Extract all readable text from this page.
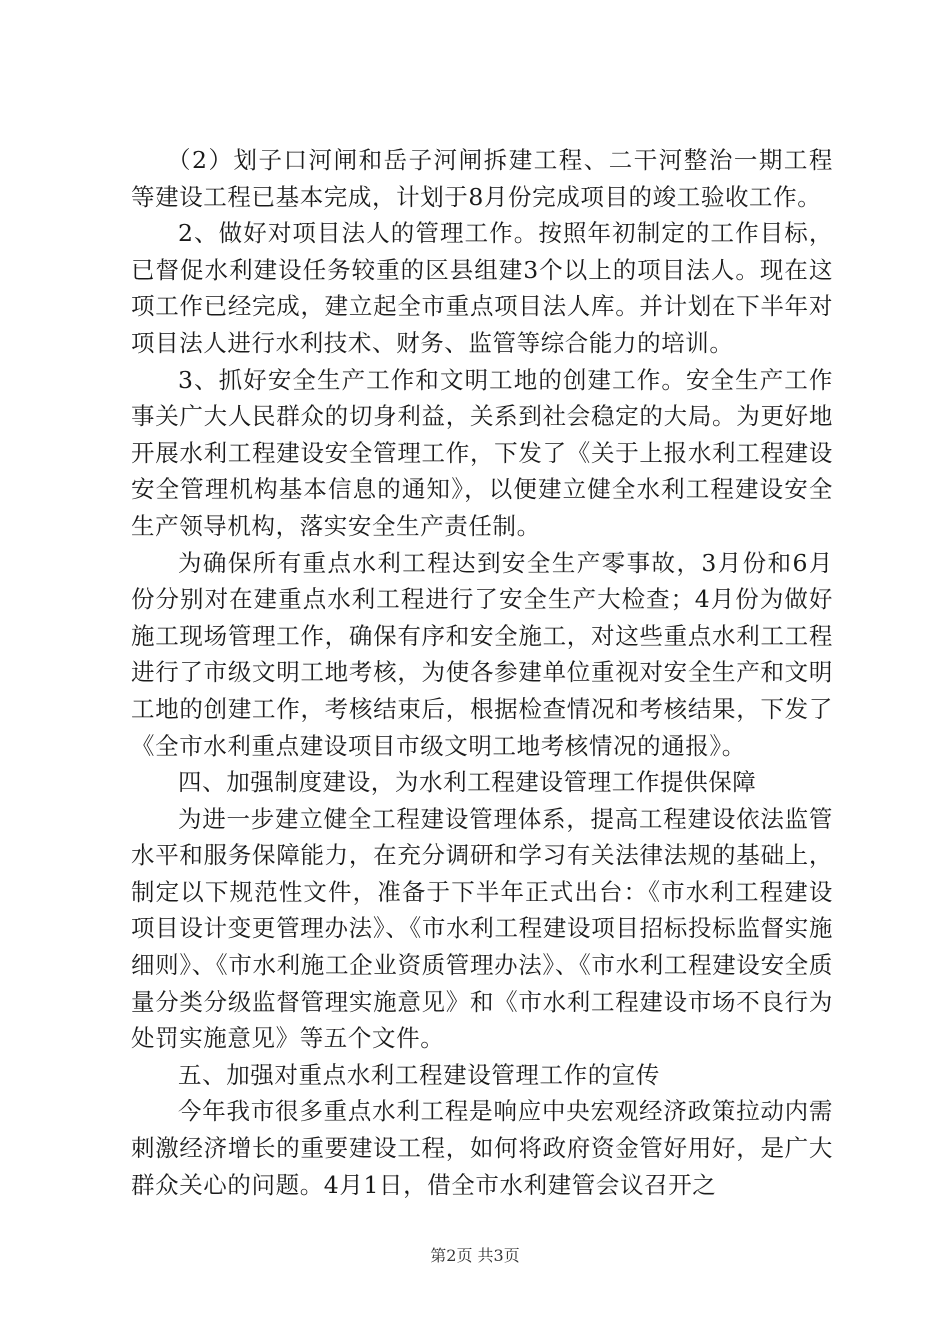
（2）划子口河闸和岳子河闸拆建工程、二干河整治一期工程等建设工程已基本完成，计划于8月份完成项目的竣工验收工作。

2、做好对项目法人的管理工作。按照年初制定的工作目标，已督促水利建设任务较重的区县组建3个以上的项目法人。现在这项工作已经完成，建立起全市重点项目法人库。并计划在下半年对项目法人进行水利技术、财务、监管等综合能力的培训。

3、抓好安全生产工作和文明工地的创建工作。安全生产工作事关广大人民群众的切身利益，关系到社会稳定的大局。为更好地开展水利工程建设安全管理工作，下发了《关于上报水利工程建设安全管理机构基本信息的通知》，以便建立健全水利工程建设安全生产领导机构，落实安全生产责任制。

为确保所有重点水利工程达到安全生产零事故，3月份和6月份分别对在建重点水利工程进行了安全生产大检查；4月份为做好施工现场管理工作，确保有序和安全施工，对这些重点水利工工程进行了市级文明工地考核，为使各参建单位重视对安全生产和文明工地的创建工作，考核结束后，根据检查情况和考核结果，下发了《全市水利重点建设项目市级文明工地考核情况的通报》。

四、加强制度建设，为水利工程建设管理工作提供保障

为进一步建立健全工程建设管理体系，提高工程建设依法监管水平和服务保障能力，在充分调研和学习有关法律法规的基础上，制定以下规范性文件，准备于下半年正式出台：《市水利工程建设项目设计变更管理办法》、《市水利工程建设项目招标投标监督实施细则》、《市水利施工企业资质管理办法》、《市水利工程建设安全质量分类分级监督管理实施意见》和《市水利工程建设市场不良行为处罚实施意见》等五个文件。

五、加强对重点水利工程建设管理工作的宣传

今年我市很多重点水利工程是响应中央宏观经济政策拉动内需刺激经济增长的重要建设工程，如何将政府资金管好用好，是广大群众关心的问题。4月1日，借全市水利建管会议召开之

第2页 共3页
